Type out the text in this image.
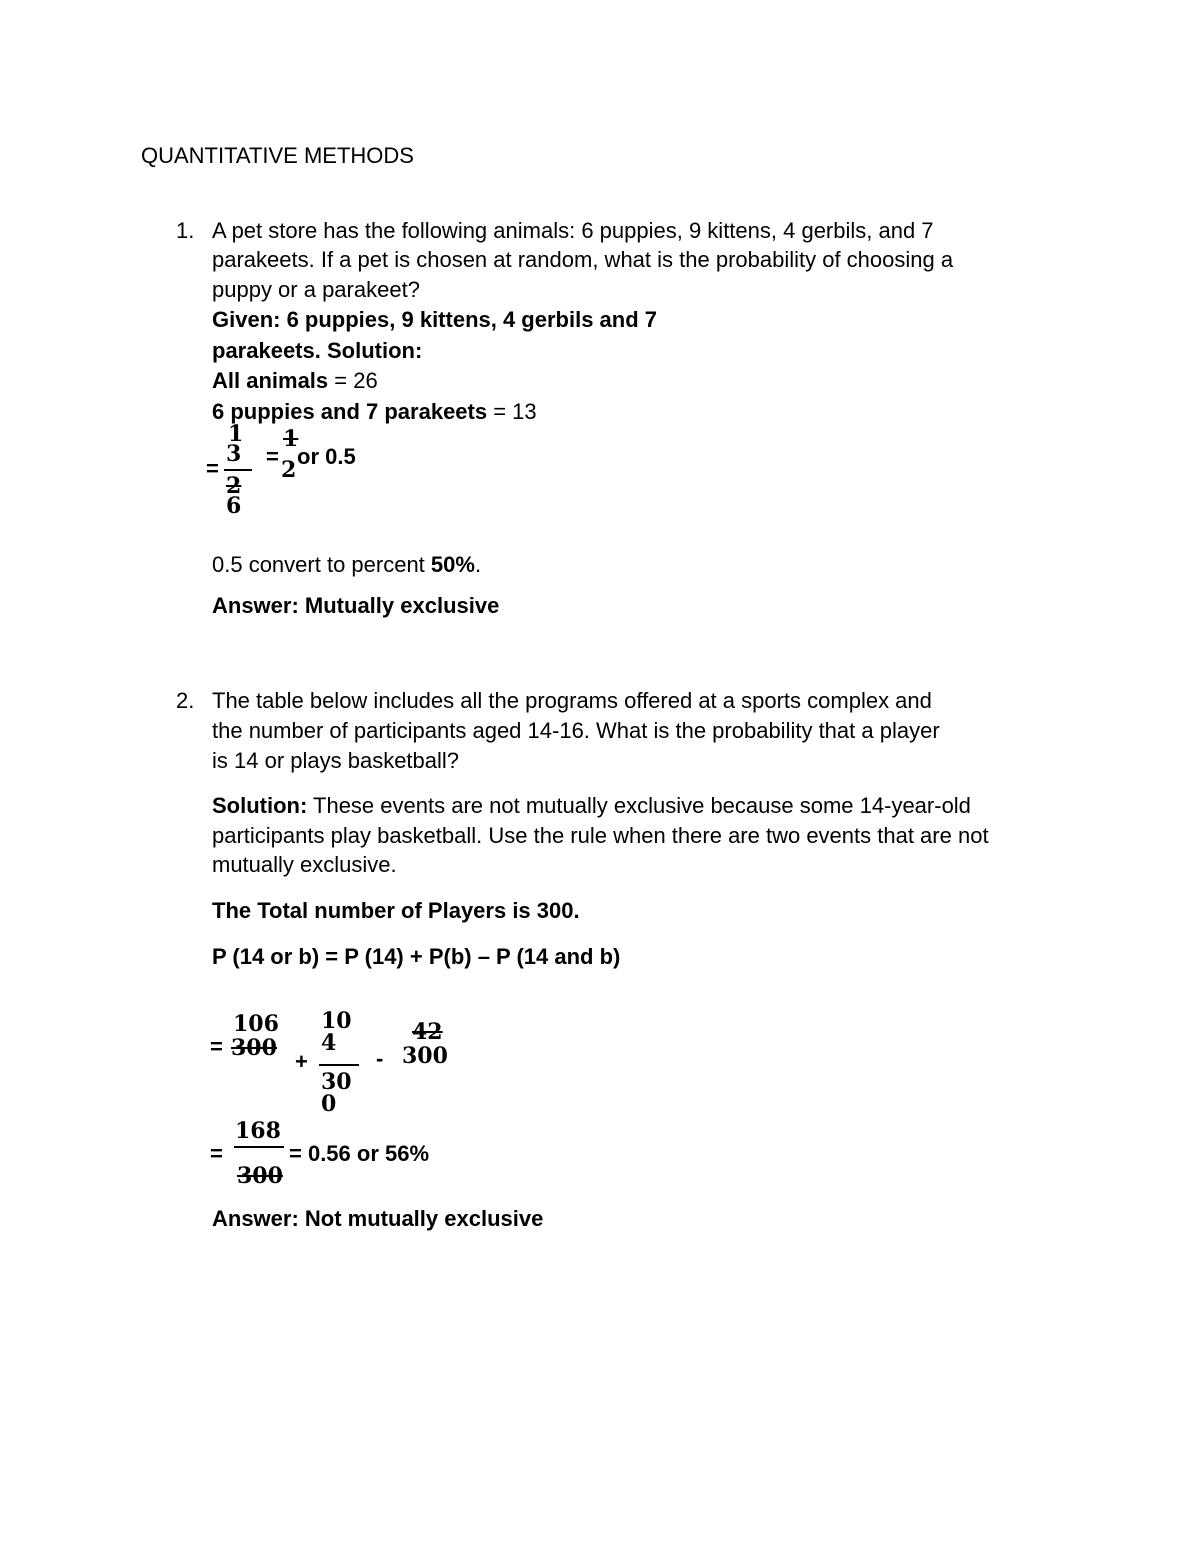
QUANTITATIVE METHODS
1. A pet store has the following animals: 6 puppies, 9 kittens, 4 gerbils, and 7
parakeets. If a pet is chosen at random, what is the probability of choosing a
puppy or a parakeet?
Given: 6 puppies, 9 kittens, 4 gerbils and 7
parakeets. Solution:
All animals = 26
6 puppies and 7 parakeets = 13
=
1
3
2
6
=
1
2
or 0.5
0.5 convert to percent 50%.
Answer: Mutually exclusive
2. The table below includes all the programs offered at a sports complex and
the number of participants aged 14-16. What is the probability that a player
is 14 or plays basketball?
Solution: These events are not mutually exclusive because some 14-year-old
participants play basketball. Use the rule when there are two events that are not
mutually exclusive.
The Total number of Players is 300.
P (14 or b) = P (14) + P(b) – P (14 and b)
=
106
300
+
10
4
30
0
-
42
300
=
168
300
= 0.56 or 56%
Answer: Not mutually exclusive
